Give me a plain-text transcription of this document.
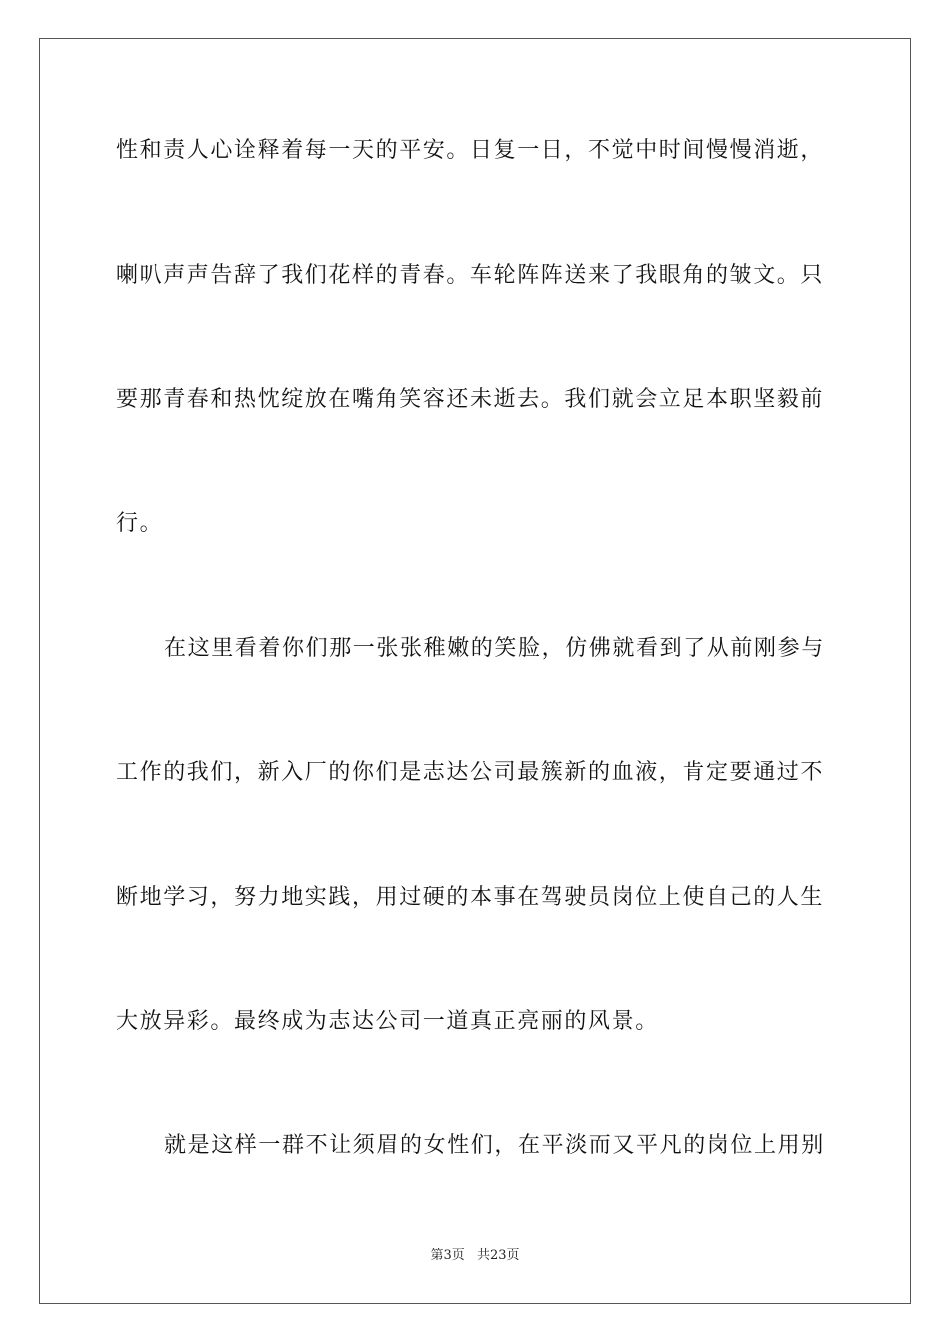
性和责人心诠释着每一天的平安。日复一日，不觉中时间慢慢消逝，
喇叭声声告辞了我们花样的青春。车轮阵阵送来了我眼角的皱文。只
要那青春和热忱绽放在嘴角笑容还未逝去。我们就会立足本职坚毅前
行。
在这里看着你们那一张张稚嫩的笑脸，仿佛就看到了从前刚参与
工作的我们，新入厂的你们是志达公司最簇新的血液，肯定要通过不
断地学习，努力地实践，用过硬的本事在驾驶员岗位上使自己的人生
大放异彩。最终成为志达公司一道真正亮丽的风景。
就是这样一群不让须眉的女性们，在平淡而又平凡的岗位上用别
第3页 共23页
